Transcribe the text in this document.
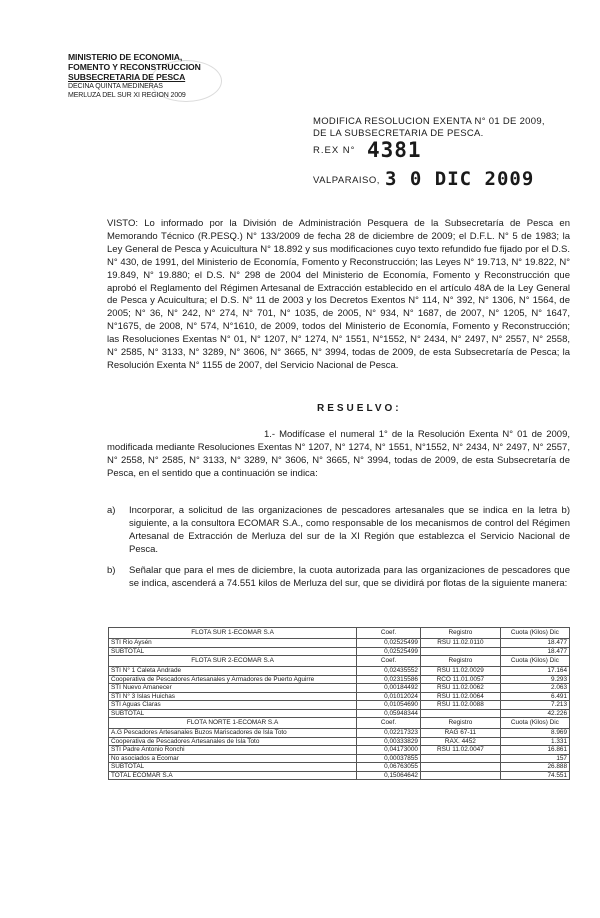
MINISTERIO DE ECONOMIA,
FOMENTO Y RECONSTRUCCION
SUBSECRETARIA DE PESCA
DECINA QUINTA MEDINERAS
MERLUZA DEL SUR XI REGION 2009
MODIFICA RESOLUCION EXENTA N° 01 DE 2009, DE LA SUBSECRETARIA DE PESCA.
R.EX N° 4381
VALPARAISO, 3 0 DIC 2009
VISTO: Lo informado por la División de Administración Pesquera de la Subsecretaría de Pesca en Memorando Técnico (R.PESQ.) N° 133/2009 de fecha 28 de diciembre de 2009; el D.F.L. N° 5 de 1983; la Ley General de Pesca y Acuicultura N° 18.892 y sus modificaciones cuyo texto refundido fue fijado por el D.S. N° 430, de 1991, del Ministerio de Economía, Fomento y Reconstrucción; las Leyes N° 19.713, N° 19.822, N° 19.849, N° 19.880; el D.S. N° 298 de 2004 del Ministerio de Economía, Fomento y Reconstrucción que aprobó el Reglamento del Régimen Artesanal de Extracción establecido en el artículo 48A de la Ley General de Pesca y Acuicultura; el D.S. N° 11 de 2003 y los Decretos Exentos N° 114, N° 392, N° 1306, N° 1564, de 2005; N° 36, N° 242, N° 274, N° 701, N° 1035, de 2005, N° 934, N° 1687, de 2007, N° 1205, N° 1647, N°1675, de 2008, N° 574, N°1610, de 2009, todos del Ministerio de Economía, Fomento y Reconstrucción; las Resoluciones Exentas N° 01, N° 1207, N° 1274, N° 1551, N°1552, N° 2434, N° 2497, N° 2557, N° 2558, N° 2585, N° 3133, N° 3289, N° 3606, N° 3665, N° 3994, todas de 2009, de esta Subsecretaría de Pesca; la Resolución Exenta N° 1155 de 2007, del Servicio Nacional de Pesca.
RESUELVO:
1.- Modifícase el numeral 1° de la Resolución Exenta N° 01 de 2009, modificada mediante Resoluciones Exentas N° 1207, N° 1274, N° 1551, N°1552, N° 2434, N° 2497, N° 2557, N° 2558, N° 2585, N° 3133, N° 3289, N° 3606, N° 3665, N° 3994, todas de 2009, de esta Subsecretaría de Pesca, en el sentido que a continuación se indica:
a)	Incorporar, a solicitud de las organizaciones de pescadores artesanales que se indica en la letra b) siguiente, a la consultora ECOMAR S.A., como responsable de los mecanismos de control del Régimen Artesanal de Extracción de Merluza del sur de la XI Región que establezca el Servicio Nacional de Pesca.
b)	Señalar que para el mes de diciembre, la cuota autorizada para las organizaciones de pescadores que se indica, ascenderá a 74.551 kilos de Merluza del sur, que se dividirá por flotas de la siguiente manera:
FLOTA SUR 1-ECOMAR S.A	Coef.	Registro	Cuota (Kilos) Dic
STI Río Aysén	0,02525499	RSU 11.02.0110	18.477
SUBTOTAL	0,02525499		18.477
FLOTA SUR 2-ECOMAR S.A	Coef.	Registro	Cuota (Kilos) Dic
STI N° 1 Caleta Andrade	0,02435552	RSU 11.02.0029	17.164
Cooperativa de Pescadores Artesanales y Armadores de Puerto Aguirre	0,02315586	RCO 11.01.0057	9.293
STI Nuevo Amanecer	0,00184492	RSU 11.02.0062	2.063
STI N° 3 Islas Huichas	0,01012024	RSU 11.02.0064	6.491
STI Aguas Claras	0,01054690	RSU 11.02.0088	7.213
SUBTOTAL	0,05948344		42.226
FLOTA NORTE 1-ECOMAR S.A	Coef.	Registro	Cuota (Kilos) Dic
A.G Pescadores Artesanales Buzos Mariscadores de Isla Toto	0,02217323	RAG 67-11	8.969
Cooperativa de Pescadores Artesanales de Isla Toto	0,00333829	RAX. 4452	1.331
STI Padre Antonio Ronchi	0,04173000	RSU 11.02.0047	16.861
No asociados a Ecomar	0,00037855		157
SUBTOTAL	0,06763055		26.888
TOTAL ECOMAR S.A	0,15064642		74.551
